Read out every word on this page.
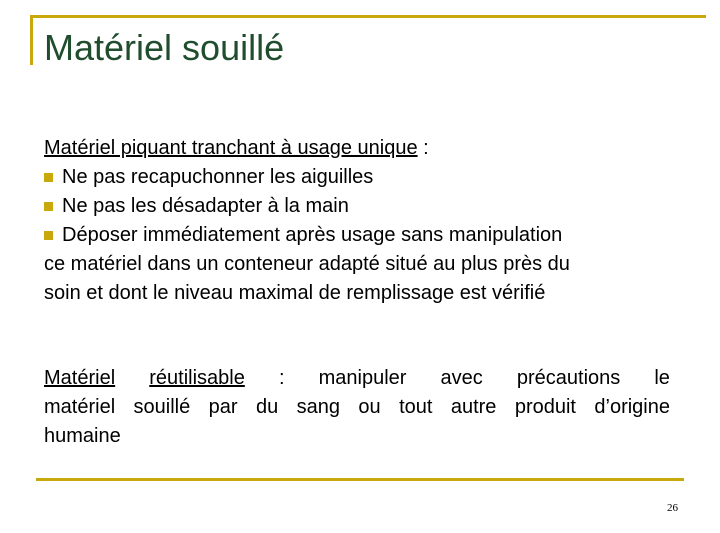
Matériel souillé
Matériel piquant tranchant à usage unique :
Ne pas recapuchonner les aiguilles
Ne pas les désadapter à la main
Déposer immédiatement après usage sans manipulation
ce matériel dans un conteneur adapté situé au plus près du
soin et dont le niveau maximal de remplissage est vérifié
Matériel réutilisable : manipuler avec précautions le
matériel souillé par du sang ou tout autre produit d’origine
humaine
26
